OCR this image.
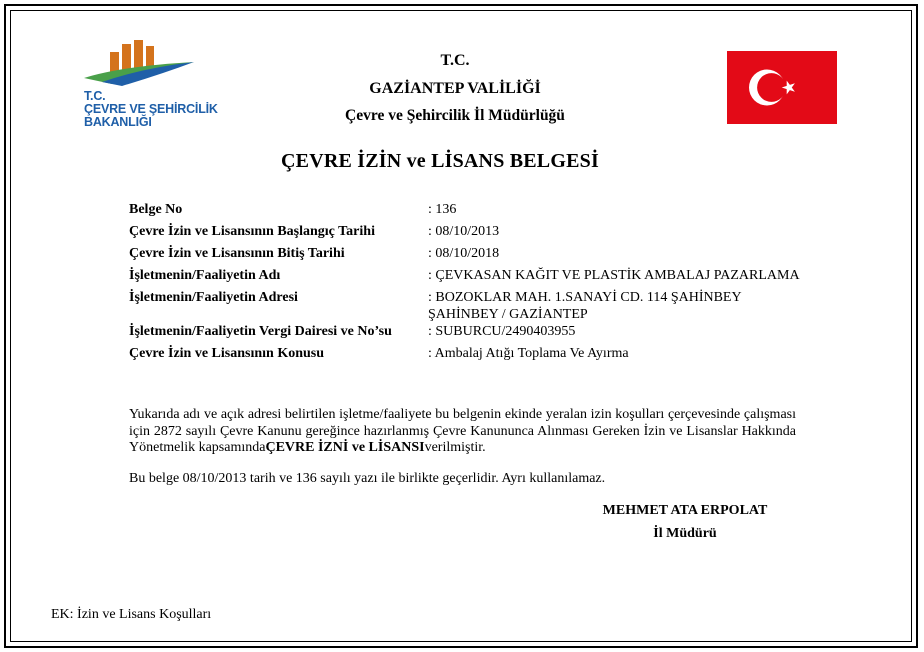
T.C.
ÇEVRE VE ŞEHİRCİLİK
BAKANLIĞI
T.C.
GAZİANTEP VALİLİĞİ
Çevre ve Şehircilik İl Müdürlüğü
ÇEVRE İZİN ve LİSANS BELGESİ
Belge No	: 136
Çevre İzin ve Lisansının Başlangıç Tarihi	: 08/10/2013
Çevre İzin ve Lisansının Bitiş Tarihi	: 08/10/2018
İşletmenin/Faaliyetin Adı	: ÇEVKASAN KAĞIT VE PLASTİK AMBALAJ PAZARLAMA
İşletmenin/Faaliyetin Adresi	: BOZOKLAR MAH. 1.SANAYİ CD. 114 ŞAHİNBEY
ŞAHİNBEY / GAZİANTEP
İşletmenin/Faaliyetin Vergi Dairesi ve No’su	: SUBURCU/2490403955
Çevre İzin ve Lisansının Konusu	: Ambalaj Atığı Toplama Ve Ayırma
Yukarıda adı ve açık adresi belirtilen işletme/faaliyete bu belgenin ekinde yeralan izin koşulları çerçevesinde çalışması için 2872 sayılı Çevre Kanunu gereğince hazırlanmış Çevre Kanununca Alınması Gereken İzin ve Lisanslar Hakkında Yönetmelik kapsamındaÇEVRE İZNİ ve LİSANSIverilmiştir.
Bu belge 08/10/2013 tarih ve 136 sayılı yazı ile birlikte geçerlidir. Ayrı kullanılamaz.
MEHMET ATA ERPOLAT
İl Müdürü
EK: İzin ve Lisans Koşulları
